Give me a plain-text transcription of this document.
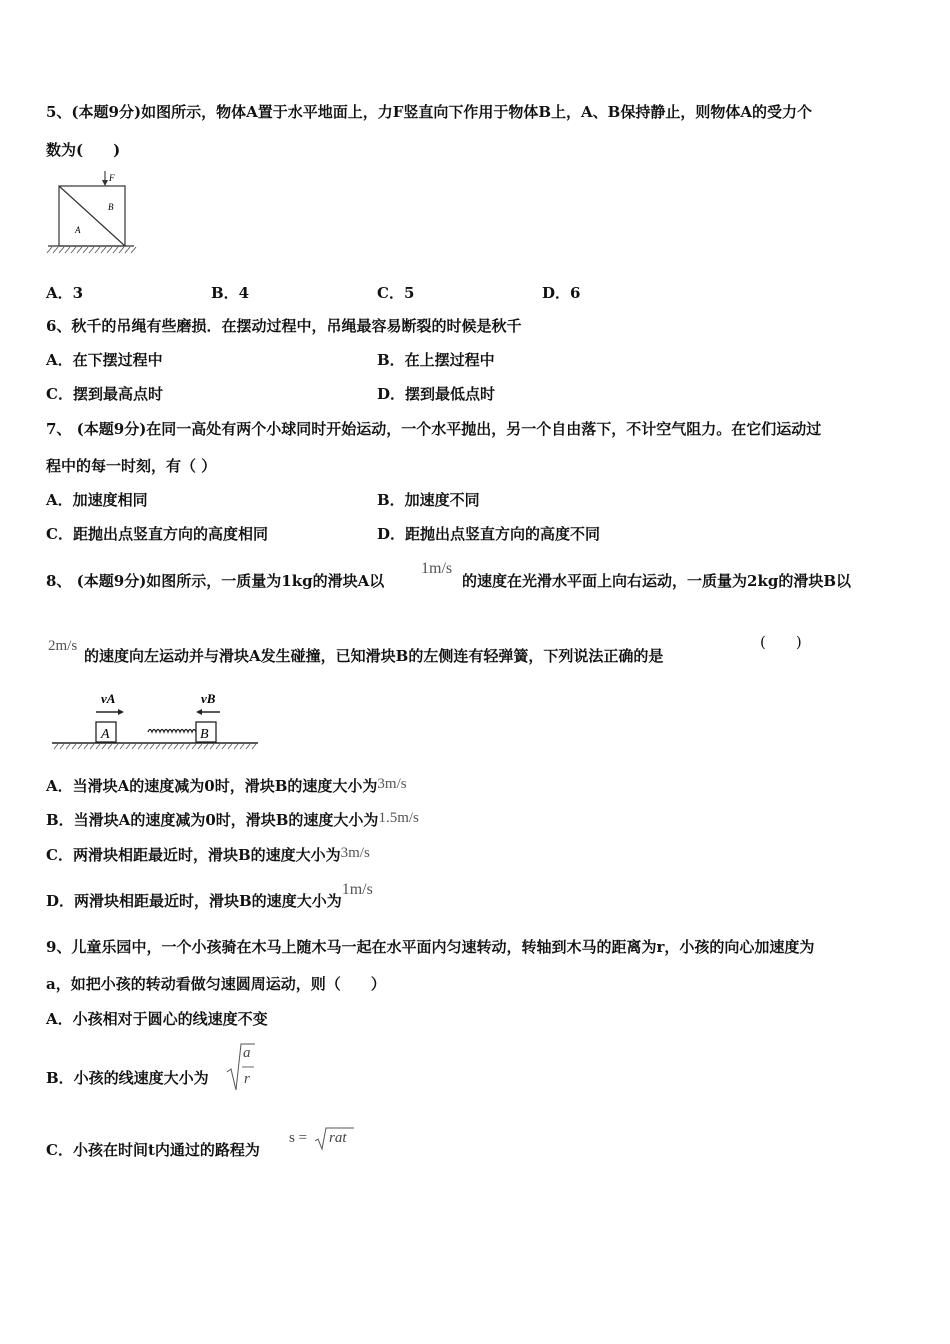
5、(本题9分)如图所示，物体A置于水平地面上，力F竖直向下作用于物体B上，A、B保持静止，则物体A的受力个
数为(　　)
F
B
A
A．3	B．4	C．5	D．6
6、秋千的吊绳有些磨损．在摆动过程中，吊绳最容易断裂的时候是秋千
A．在下摆过程中	B．在上摆过程中
C．摆到最高点时	D．摆到最低点时
7、 (本题9分)在同一高处有两个小球同时开始运动，一个水平抛出，另一个自由落下，不计空气阻力。在它们运动过
程中的每一时刻，有（ ）
A．加速度相同	B．加速度不同
C．距抛出点竖直方向的高度相同	D．距抛出点竖直方向的高度不同
8、 (本题9分)如图所示，一质量为1kg的滑块A以
1m/s
的速度在光滑水平面上向右运动，一质量为2kg的滑块B以
2m/s
的速度向左运动并与滑块A发生碰撞，已知滑块B的左侧连有轻弹簧，下列说法正确的是
(　　)
vA	vB
A	B
A．当滑块A的速度减为0时，滑块B的速度大小为3m/s
B．当滑块A的速度减为0时，滑块B的速度大小为1.5m/s
C．两滑块相距最近时，滑块B的速度大小为3m/s
D．两滑块相距最近时，滑块B的速度大小为1m/s
9、儿童乐园中，一个小孩骑在木马上随木马一起在水平面内匀速转动，转轴到木马的距离为r，小孩的向心加速度为
a，如把小孩的转动看做匀速圆周运动，则（　　）
A．小孩相对于圆心的线速度不变
B．小孩的线速度大小为
a
r
C．小孩在时间t内通过的路程为
s = rat
